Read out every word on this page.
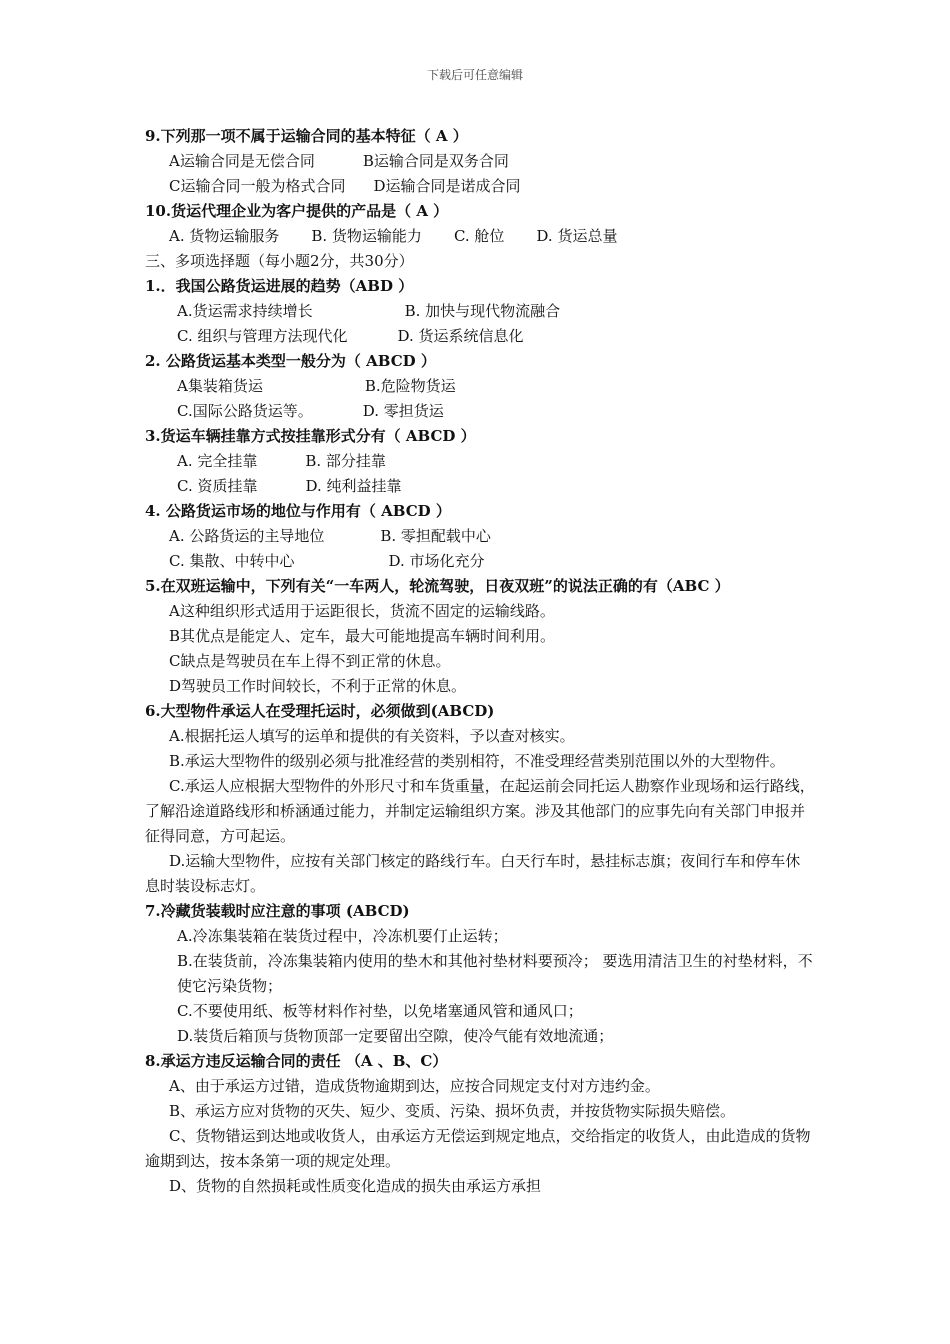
下载后可任意编辑
9.下列那一项不属于运输合同的基本特征（ A ）
A运输合同是无偿合同	B运输合同是双务合同
C运输合同一般为格式合同 D运输合同是诺成合同
10.货运代理企业为客户提供的产品是（ A ）
A. 货物运输服务 B. 货物运输能力 C. 舱位 D. 货运总量
三、多项选择题（每小题2分，共30分）
1.．我国公路货运进展的趋势（ABD ）
A.货运需求持续增长	B. 加快与现代物流融合
C. 组织与管理方法现代化	D. 货运系统信息化
2. 公路货运基本类型一般分为（ ABCD ）
A集装箱货运	B.危险物货运
C.国际公路货运等。	D. 零担货运
3.货运车辆挂靠方式按挂靠形式分有（ ABCD ）
A. 完全挂靠	B. 部分挂靠
C. 资质挂靠	D. 纯利益挂靠
4. 公路货运市场的地位与作用有（ ABCD ）
A. 公路货运的主导地位	B. 零担配载中心
C. 集散、中转中心	D. 市场化充分
5.在双班运输中，下列有关“一车两人，轮流驾驶，日夜双班”的说法正确的有（ABC ）
A这种组织形式适用于运距很长，货流不固定的运输线路。
B其优点是能定人、定车，最大可能地提高车辆时间利用。
C缺点是驾驶员在车上得不到正常的休息。
D驾驶员工作时间较长，不利于正常的休息。
6.大型物件承运人在受理托运时，必须做到(ABCD)
A.根据托运人填写的运单和提供的有关资料，予以查对核实。
B.承运大型物件的级别必须与批准经营的类别相符，不准受理经营类别范围以外的大型物件。
C.承运人应根据大型物件的外形尺寸和车货重量，在起运前会同托运人勘察作业现场和运行路线，了解沿途道路线形和桥涵通过能力，并制定运输组织方案。涉及其他部门的应事先向有关部门申报并征得同意，方可起运。
D.运输大型物件，应按有关部门核定的路线行车。白天行车时，悬挂标志旗；夜间行车和停车休息时装设标志灯。
7.冷藏货装载时应注意的事项 (ABCD)
A.冷冻集装箱在装货过程中，冷冻机要仃止运转；
B.在装货前，冷冻集装箱内使用的垫木和其他衬垫材料要预冷； 要选用清洁卫生的衬垫材料，不使它污染货物；
C.不要使用纸、板等材料作衬垫，以免堵塞通风管和通风口；
D.装货后箱顶与货物顶部一定要留出空隙，使冷气能有效地流通；
8.承运方违反运输合同的责任 （A 、B、C）
A、由于承运方过错，造成货物逾期到达，应按合同规定支付对方违约金。
B、承运方应对货物的灭失、短少、变质、污染、损坏负责，并按货物实际损失赔偿。
C、货物错运到达地或收货人，由承运方无偿运到规定地点，交给指定的收货人，由此造成的货物逾期到达，按本条第一项的规定处理。
D、货物的自然损耗或性质变化造成的损失由承运方承担
